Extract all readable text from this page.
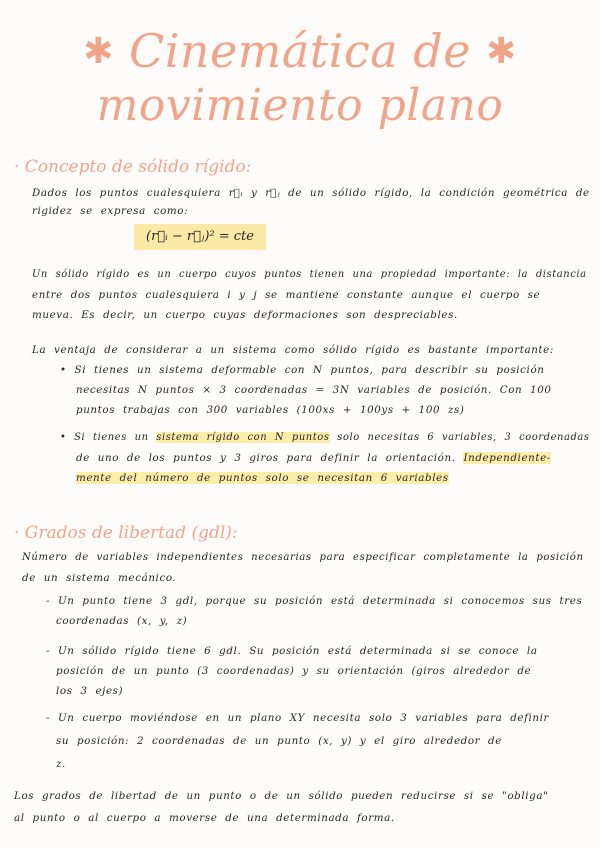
✱ Cinemática de ✱
movimiento plano
· Concepto de sólido rígido:
Dados los puntos cualesquiera r⃗ᵢ y r⃗ⱼ de un sólido rígido, la condición geométrica de
rigidez se expresa como:
(r⃗ᵢ − r⃗ⱼ)² = cte
Un sólido rígido es un cuerpo cuyos puntos tienen una propiedad importante: la distancia
entre dos puntos cualesquiera i y j se mantiene constante aunque el cuerpo se
mueva. Es decir, un cuerpo cuyas deformaciones son despreciables.
La ventaja de considerar a un sistema como sólido rígido es bastante importante:
• Si tienes un sistema deformable con N puntos, para describir su posición
necesitas N puntos × 3 coordenadas = 3N variables de posición. Con 100
puntos trabajas con 300 variables (100xs + 100ys + 100 zs)
• Si tienes un sistema rígido con N puntos solo necesitas 6 variables, 3 coordenadas
de uno de los puntos y 3 giros para definir la orientación. Independiente-
mente del número de puntos solo se necesitan 6 variables
· Grados de libertad (gdl):
Número de variables independientes necesarias para especificar completamente la posición
de un sistema mecánico.
- Un punto tiene 3 gdl, porque su posición está determinada si conocemos sus tres
coordenadas (x, y, z)
- Un sólido rígido tiene 6 gdl. Su posición está determinada si se conoce la
posición de un punto (3 coordenadas) y su orientación (giros alrededor de
los 3 ejes)
- Un cuerpo moviéndose en un plano XY necesita solo 3 variables para definir
su posición: 2 coordenadas de un punto (x, y) y el giro alrededor de
z.
Los grados de libertad de un punto o de un sólido pueden reducirse si se "obliga"
al punto o al cuerpo a moverse de una determinada forma.
